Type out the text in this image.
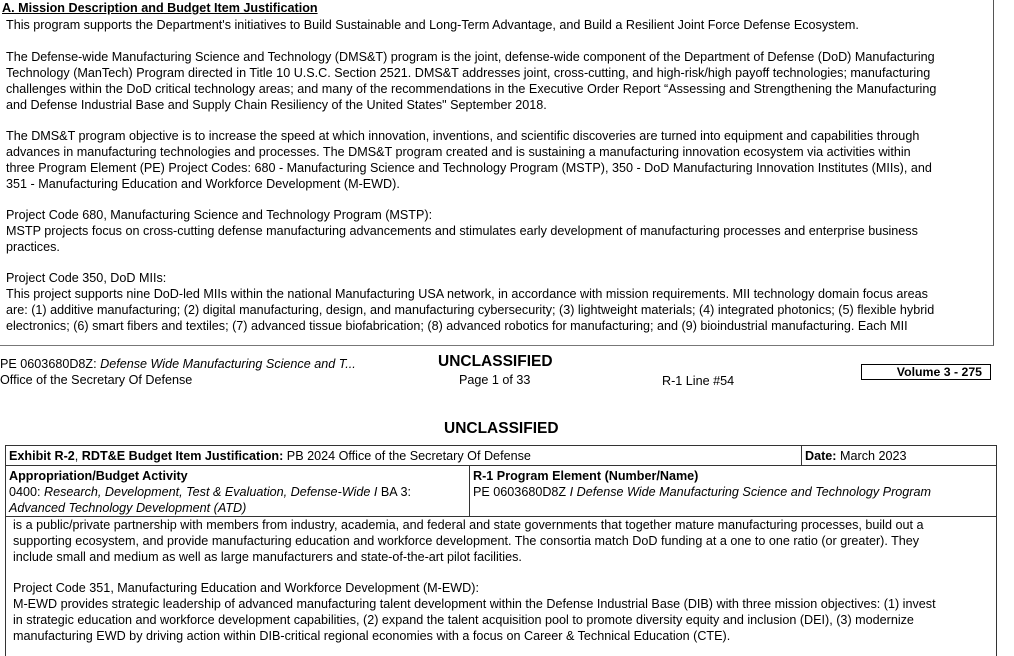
A. Mission Description and Budget Item Justification
This program supports the Department's initiatives to Build Sustainable and Long-Term Advantage, and Build a Resilient Joint Force Defense Ecosystem.
The Defense-wide Manufacturing Science and Technology (DMS&T) program is the joint, defense-wide component of the Department of Defense (DoD) Manufacturing
Technology (ManTech) Program directed in Title 10 U.S.C. Section 2521. DMS&T addresses joint, cross-cutting, and high-risk/high payoff technologies; manufacturing
challenges within the DoD critical technology areas; and many of the recommendations in the Executive Order Report “Assessing and Strengthening the Manufacturing
and Defense Industrial Base and Supply Chain Resiliency of the United States" September 2018.
The DMS&T program objective is to increase the speed at which innovation, inventions, and scientific discoveries are turned into equipment and capabilities through
advances in manufacturing technologies and processes. The DMS&T program created and is sustaining a manufacturing innovation ecosystem via activities within
three Program Element (PE) Project Codes: 680 - Manufacturing Science and Technology Program (MSTP), 350 - DoD Manufacturing Innovation Institutes (MIIs), and
351 - Manufacturing Education and Workforce Development (M-EWD).
Project Code 680, Manufacturing Science and Technology Program (MSTP):
MSTP projects focus on cross-cutting defense manufacturing advancements and stimulates early development of manufacturing processes and enterprise business
practices.
Project Code 350, DoD MIIs:
This project supports nine DoD-led MIIs within the national Manufacturing USA network, in accordance with mission requirements. MII technology domain focus areas
are: (1) additive manufacturing; (2) digital manufacturing, design, and manufacturing cybersecurity; (3) lightweight materials; (4) integrated photonics; (5) flexible hybrid
electronics; (6) smart fibers and textiles; (7) advanced tissue biofabrication; (8) advanced robotics for manufacturing; and (9) bioindustrial manufacturing. Each MII
PE 0603680D8Z: Defense Wide Manufacturing Science and T...
Office of the Secretary Of Defense
UNCLASSIFIED
Page 1 of 33	R-1 Line #54
Volume 3 - 275
UNCLASSIFIED
Exhibit R-2, RDT&E Budget Item Justification: PB 2024 Office of the Secretary Of Defense	Date: March 2023
Appropriation/Budget Activity
0400: Research, Development, Test & Evaluation, Defense-Wide I BA 3:
Advanced Technology Development (ATD)
R-1 Program Element (Number/Name)
PE 0603680D8Z I Defense Wide Manufacturing Science and Technology Program
is a public/private partnership with members from industry, academia, and federal and state governments that together mature manufacturing processes, build out a
supporting ecosystem, and provide manufacturing education and workforce development. The consortia match DoD funding at a one to one ratio (or greater). They
include small and medium as well as large manufacturers and state-of-the-art pilot facilities.
Project Code 351, Manufacturing Education and Workforce Development (M-EWD):
M-EWD provides strategic leadership of advanced manufacturing talent development within the Defense Industrial Base (DIB) with three mission objectives: (1) invest
in strategic education and workforce development capabilities, (2) expand the talent acquisition pool to promote diversity equity and inclusion (DEI), (3) modernize
manufacturing EWD by driving action within DIB-critical regional economies with a focus on Career & Technical Education (CTE).
